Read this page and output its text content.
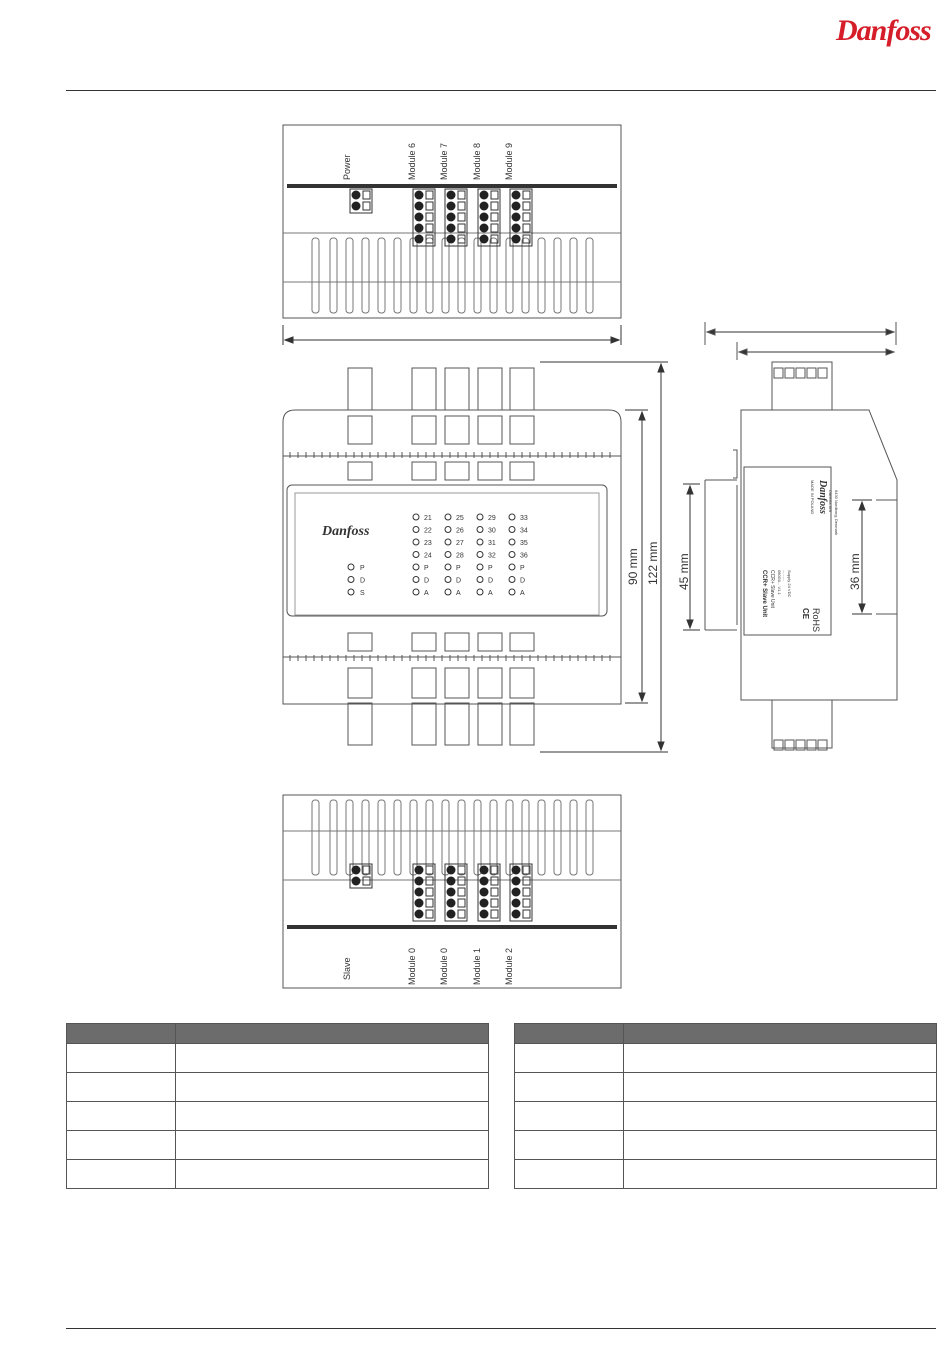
Danfoss
Power	Module 6 Module 7	Module 8 Module 9
Danfoss
P
D
S
21
22
23
24
P
D
A
25
26
27
28
P
D
A
29
30
31
32
P
D
A
33
34
35
36
P
D
A
90 mm 122 mm 45 mm	36 mm
Danfoss
MADE IN POLAND	Danfoss A/S 6430 Nordborg, Denmark
CCR+ Slave Unit CCR+ Slave Unit 080G0... V1.1 .......... Supply 24 VDC
CE RoHS
Slave	Module 0 Module 0	Module 1 Module 2
